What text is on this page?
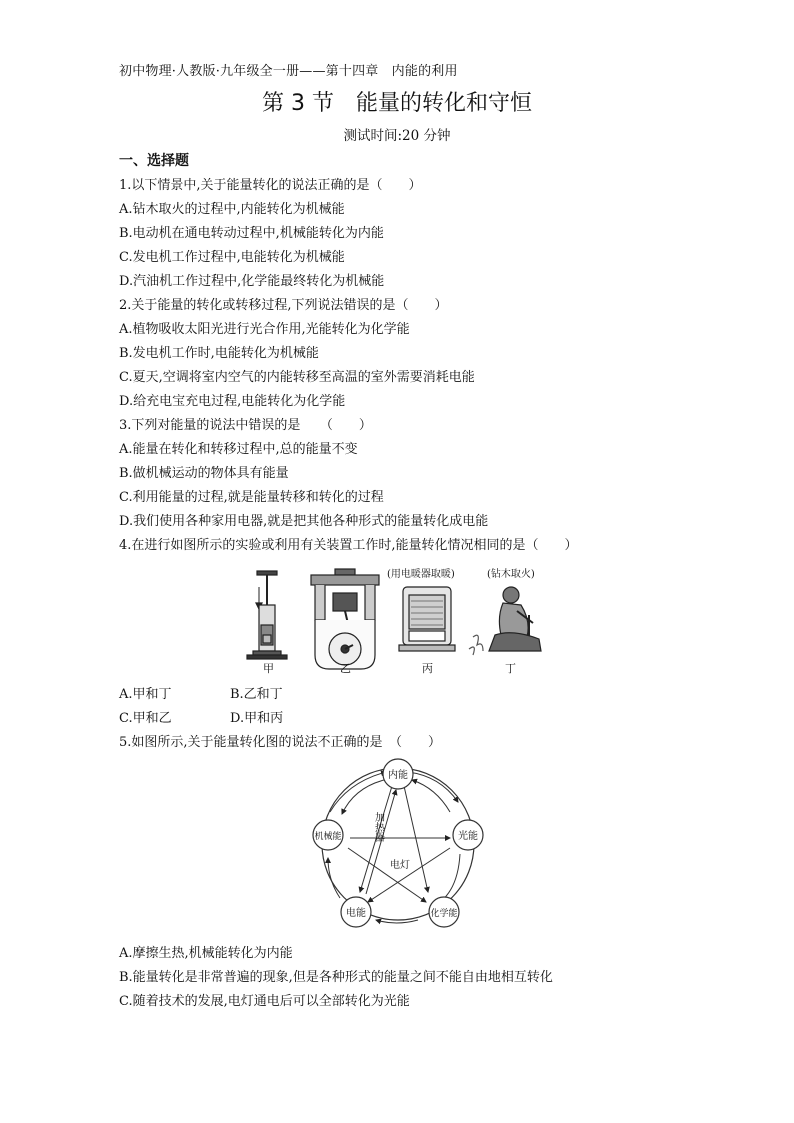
初中物理·人教版·九年级全一册——第十四章　内能的利用
第 3 节　能量的转化和守恒
测试时间:20 分钟
一、选择题
1.以下情景中,关于能量转化的说法正确的是（　　）
A.钻木取火的过程中,内能转化为机械能
B.电动机在通电转动过程中,机械能转化为内能
C.发电机工作过程中,电能转化为机械能
D.汽油机工作过程中,化学能最终转化为机械能
2.关于能量的转化或转移过程,下列说法错误的是（　　）
A.植物吸收太阳光进行光合作用,光能转化为化学能
B.发电机工作时,电能转化为机械能
C.夏天,空调将室内空气的内能转移至高温的室外需要消耗电能
D.给充电宝充电过程,电能转化为化学能
3.下列对能量的说法中错误的是　　（　　）
A.能量在转化和转移过程中,总的能量不变
B.做机械运动的物体具有能量
C.利用能量的过程,就是能量转移和转化的过程
D.我们使用各种家用电器,就是把其他各种形式的能量转化成电能
4.在进行如图所示的实验或利用有关装置工作时,能量转化情况相同的是（　　）
(用电暖器取暖)	(钻木取火)
甲	乙	丙	丁
A.甲和丁	B.乙和丁
C.甲和乙	D.甲和丙
5.如图所示,关于能量转化图的说法不正确的是　（　　）
内能
光能
化学能
电能
机械能	加热器
电灯
A.摩擦生热,机械能转化为内能
B.能量转化是非常普遍的现象,但是各种形式的能量之间不能自由地相互转化
C.随着技术的发展,电灯通电后可以全部转化为光能
